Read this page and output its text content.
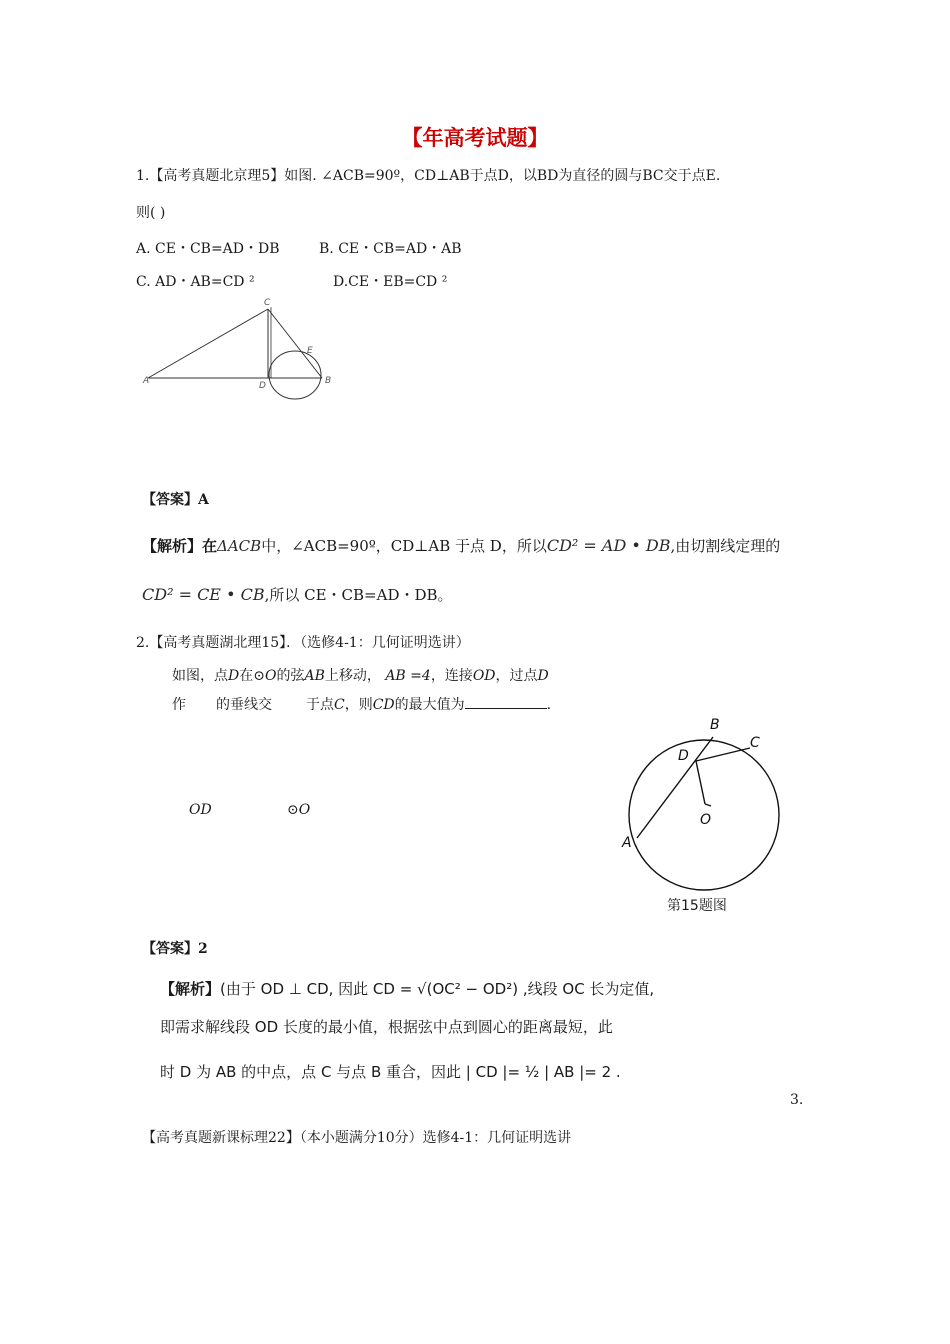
【年高考试题】
1.【高考真题北京理5】如图. ∠ACB=90º，CD⊥AB于点D，以BD为直径的圆与BC交于点E.
则( )
A. CE・CB=AD・DB	B. CE・CB=AD・AB
C. AD・AB=CD ²	D.CE・EB=CD ²
A	B
C
D
E
【答案】A
【解析】在ΔACB中，∠ACB=90º，CD⊥AB 于点 D，所以CD² = AD • DB,由切割线定理的
CD² = CE • CB,所以 CE・CB=AD・DB。
2.【高考真题湖北理15】．（选修4-1：几何证明选讲）
如图，点D在⊙O的弦AB上移动， AB =4，连接OD，过点D
作 的垂线交 于点C，则CD的最大值为	.
OD	⊙O
B
C
D
O
A
第15题图
【答案】2
【解析】(由于 OD ⊥ CD, 因此 CD = √(OC² − OD²) ,线段 OC 长为定值,
即需求解线段 OD 长度的最小值，根据弦中点到圆心的距离最短，此
时 D 为 AB 的中点，点 C 与点 B 重合，因此 | CD |= ½ | AB |= 2 .
3.
【高考真题新课标理22】（本小题满分10分）选修4-1：几何证明选讲
